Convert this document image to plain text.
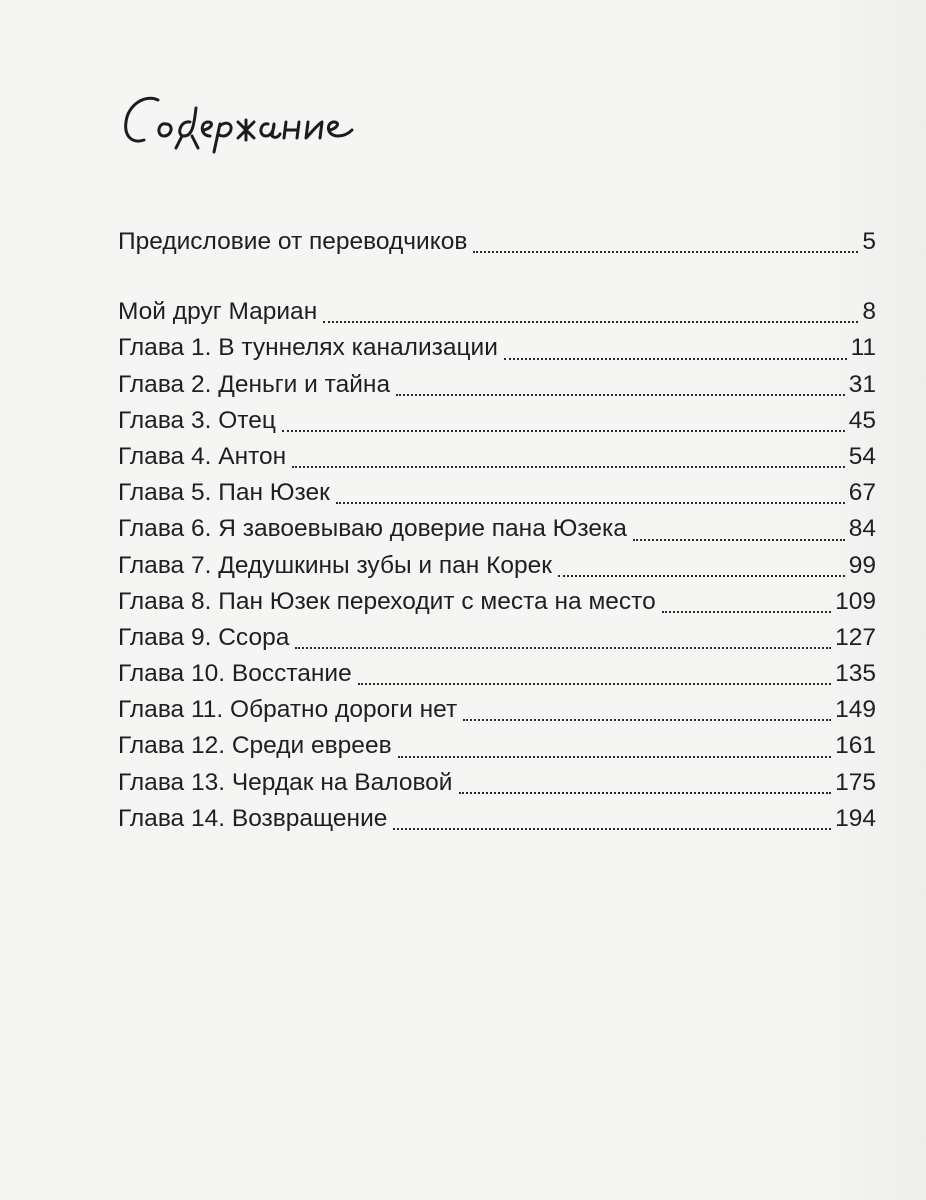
Предисловие от переводчиков	5
Мой друг Мариан	8
Глава 1. В туннелях канализации	11
Глава 2. Деньги и тайна	31
Глава 3. Отец	45
Глава 4. Антон	54
Глава 5. Пан Юзек	67
Глава 6. Я завоевываю доверие пана Юзека	84
Глава 7. Дедушкины зубы и пан Корек	99
Глава 8. Пан Юзек переходит с места на место	109
Глава 9. Ссора	127
Глава 10. Восстание	135
Глава 11. Обратно дороги нет	149
Глава 12. Среди евреев	161
Глава 13. Чердак на Валовой	175
Глава 14. Возвращение	194
